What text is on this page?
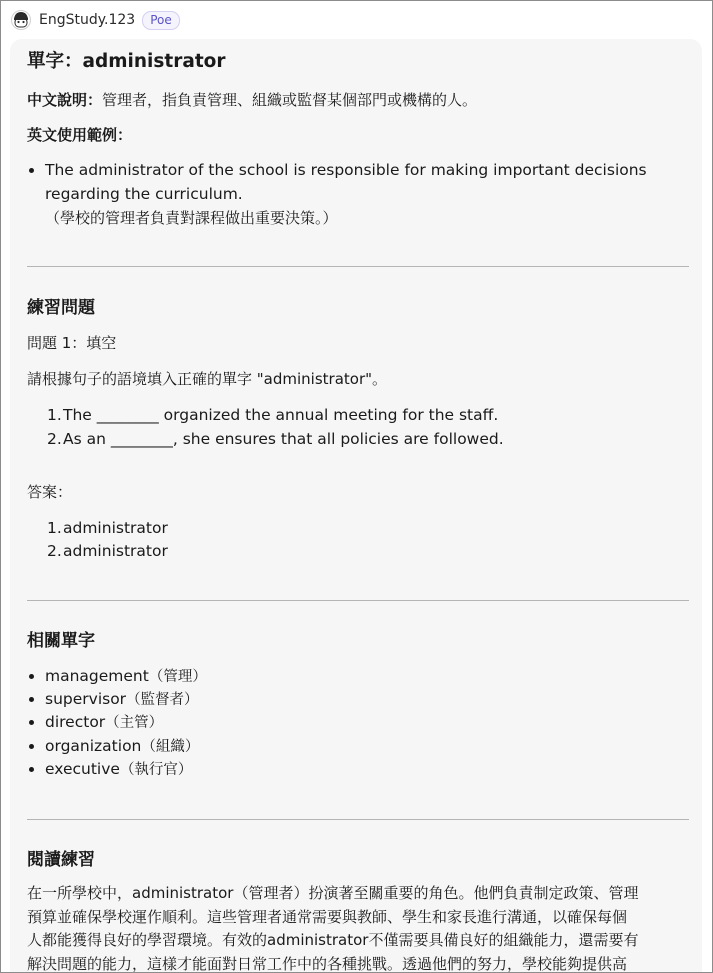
EngStudy.123	Poe
單字：administrator
中文說明：管理者，指負責管理、組織或監督某個部門或機構的人。
英文使用範例：
The administrator of the school is responsible for making important decisions
regarding the curriculum.
（學校的管理者負責對課程做出重要決策。）
練習問題
問題 1：填空
請根據句子的語境填入正確的單字 "administrator"。
1. The ________ organized the annual meeting for the staff.
2. As an ________, she ensures that all policies are followed.
答案：
1. administrator
2. administrator
相關單字
management（管理）
supervisor（監督者）
director（主管）
organization（組織）
executive（執行官）
閱讀練習
在一所學校中，administrator（管理者）扮演著至關重要的角色。他們負責制定政策、管理
預算並確保學校運作順利。這些管理者通常需要與教師、學生和家長進行溝通，以確保每個
人都能獲得良好的學習環境。有效的administrator不僅需要具備良好的組織能力，還需要有
解決問題的能力，這樣才能面對日常工作中的各種挑戰。透過他們的努力，學校能夠提供高
